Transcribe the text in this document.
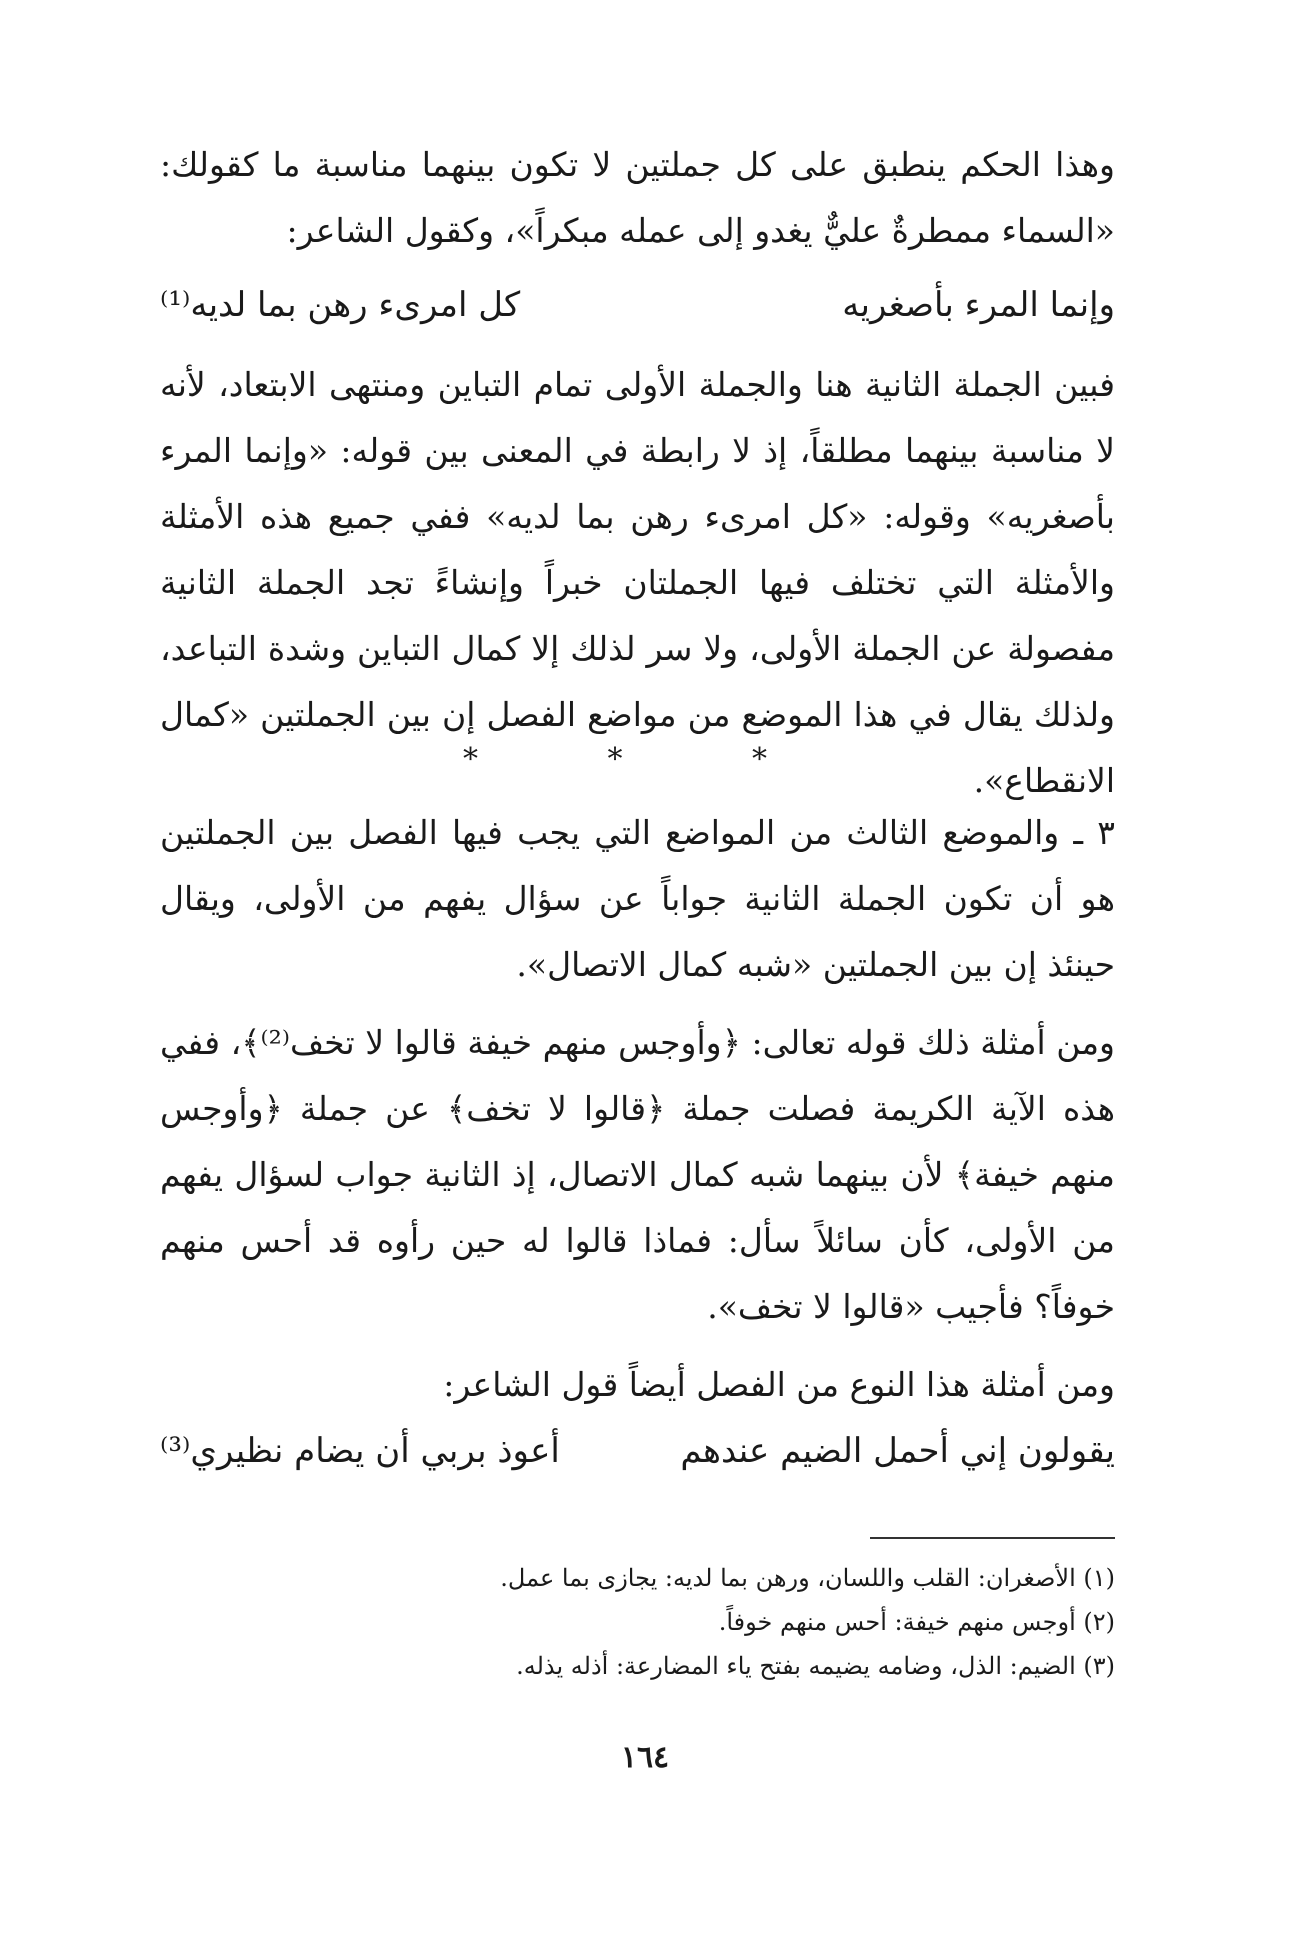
وهذا الحكم ينطبق على كل جملتين لا تكون بينهما مناسبة ما كقولك: «السماء ممطرةٌ عليٌّ يغدو إلى عمله مبكراً»، وكقول الشاعر:
وإنما المرء بأصغريه
كل امرىء رهن بما لديه⁽¹⁾
فبين الجملة الثانية هنا والجملة الأولى تمام التباين ومنتهى الابتعاد، لأنه لا مناسبة بينهما مطلقاً، إذ لا رابطة في المعنى بين قوله: «وإنما المرء بأصغريه» وقوله: «كل امرىء رهن بما لديه» ففي جميع هذه الأمثلة والأمثلة التي تختلف فيها الجملتان خبراً وإنشاءً تجد الجملة الثانية مفصولة عن الجملة الأولى، ولا سر لذلك إلا كمال التباين وشدة التباعد، ولذلك يقال في هذا الموضع من مواضع الفصل إن بين الجملتين «كمال الانقطاع».
* * *
٣ ـ والموضع الثالث من المواضع التي يجب فيها الفصل بين الجملتين هو أن تكون الجملة الثانية جواباً عن سؤال يفهم من الأولى، ويقال حينئذ إن بين الجملتين «شبه كمال الاتصال».
ومن أمثلة ذلك قوله تعالى: ﴿وأوجس منهم خيفة قالوا لا تخف⁽²⁾﴾، ففي هذه الآية الكريمة فصلت جملة ﴿قالوا لا تخف﴾ عن جملة ﴿وأوجس منهم خيفة﴾ لأن بينهما شبه كمال الاتصال، إذ الثانية جواب لسؤال يفهم من الأولى، كأن سائلاً سأل: فماذا قالوا له حين رأوه قد أحس منهم خوفاً؟ فأجيب «قالوا لا تخف».
ومن أمثلة هذا النوع من الفصل أيضاً قول الشاعر:
يقولون إني أحمل الضيم عندهم
أعوذ بربي أن يضام نظيري⁽³⁾
(١) الأصغران: القلب واللسان، ورهن بما لديه: يجازى بما عمل.
(٢) أوجس منهم خيفة: أحس منهم خوفاً.
(٣) الضيم: الذل، وضامه يضيمه بفتح ياء المضارعة: أذله يذله.
١٦٤
